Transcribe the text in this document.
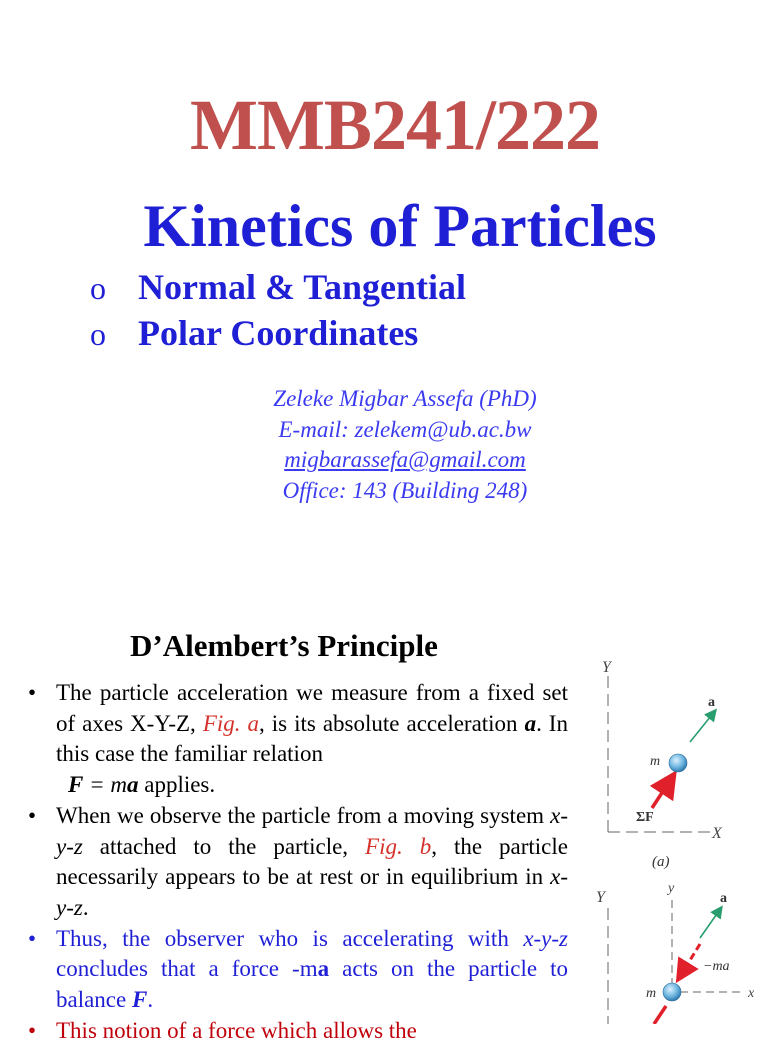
MMB241/222
Kinetics of Particles
o Normal & Tangential
o Polar Coordinates
Zeleke Migbar Assefa (PhD)
E-mail: zelekem@ub.ac.bw
migbarassefa@gmail.com
Office: 143 (Building 248)
D’Alembert’s Principle
• The particle acceleration we measure from a fixed set of axes X-Y-Z, Fig. a, is its absolute acceleration a. In this case the familiar relation
F = ma applies.
• When we observe the particle from a moving system x-y-z attached to the particle, Fig. b, the particle necessarily appears to be at rest or in equilibrium in x-y-z.
• Thus, the observer who is accelerating with x-y-z concludes that a force -ma acts on the particle to balance F.
• This notion of a force which allows the
Y
X
a
m
ΣF
(a)
Y
y
x
a
−ma
m
